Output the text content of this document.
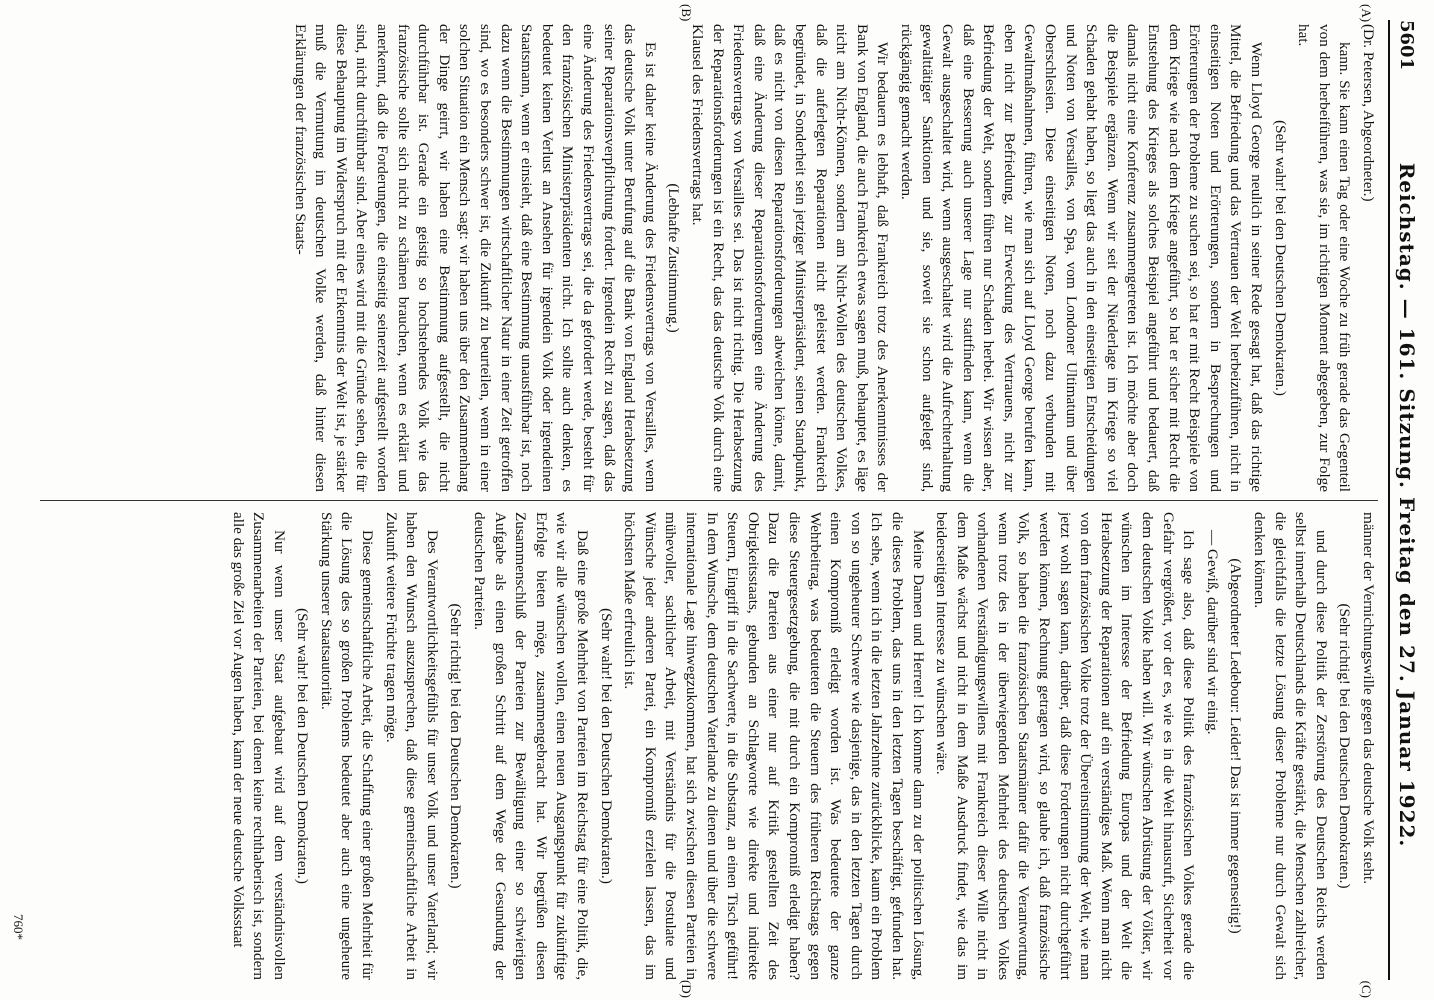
5601
Reichstag. — 161. Sitzung. Freitag den 27. Januar 1922.
(A)
(B)
(C)
(D)

(Dr. Petersen, Abgeordneter.)

kann. Sie kann einen Tag oder eine Woche zu früh gerade das Gegenteil von dem herbeiführen, was sie, im richtigen Moment abgegeben, zur Folge hat.

(Sehr wahr! bei den Deutschen Demokraten.)

Wenn Lloyd George neulich in seiner Rede gesagt hat, daß das richtige Mittel, die Befriedung und das Vertrauen der Welt herbeizuführen, nicht in einseitigen Noten und Erörterungen, sondern in Besprechungen und Erörterungen der Probleme zu suchen sei, so hat er mit Recht Beispiele von dem Kriege wie nach dem Kriege angeführt, so hat er sicher mit Recht die Entstehung des Krieges als solches Beispiel angeführt und bedauert, daß damals nicht eine Konferenz zusammengetreten ist. Ich möchte aber doch die Beispiele ergänzen. Wenn wir seit der Niederlage im Kriege so viel Schaden gehabt haben, so liegt das auch in den einseitigen Entscheidungen und Noten von Versailles, von Spa, vom Londoner Ultimatum und über Oberschlesien. Diese einseitigen Noten, noch dazu verbunden mit Gewaltmaßnahmen, führen, wie man sich auf Lloyd George berufen kann, eben nicht zur Befriedung, zur Erweckung des Vertrauens, nicht zur Befriedung der Welt, sondern führen nur Schaden herbei. Wir wissen aber, daß eine Besserung auch unserer Lage nur stattfinden kann, wenn die Gewalt ausgeschaltet wird, wenn ausgeschaltet wird die Aufrechterhaltung gewalttätiger Sanktionen und sie, soweit sie schon aufgelegt sind, rückgängig gemacht werden.

Wir bedauern es lebhaft, daß Frankreich trotz des Anerkenntnisses der Bank von England, die auch Frankreich etwas sagen muß, behauptet, es läge nicht am Nicht-Können, sondern am Nicht-Wollen des deutschen Volkes, daß die auferlegten Reparationen nicht geleistet werden. Frankreich begründet, in Sonderheit sein jetziger Ministerpräsident, seinen Standpunkt, daß es nicht von diesen Reparationsforderungen abweichen könne, damit, daß eine Änderung dieser Reparationsforderungen eine Änderung des Friedensvertrags von Versailles sei. Das ist nicht richtig. Die Herabsetzung der Reparationsforderungen ist ein Recht, das das deutsche Volk durch eine Klausel des Friedensvertrags hat.

(Lebhafte Zustimmung.)

Es ist daher keine Änderung des Friedensvertrags von Versailles, wenn das deutsche Volk unter Berufung auf die Bank von England Herabsetzung seiner Reparationsverpflichtung fordert. Irgendein Recht zu sagen, daß das eine Änderung des Friedensvertrags sei, die da gefordert werde, besteht für den französischen Ministerpräsidenten nicht. Ich sollte auch denken, es bedeutet keinen Verlust an Ansehen für irgendein Volk oder irgendeinen Staatsmann, wenn er einsieht, daß eine Bestimmung unausführbar ist, noch dazu wenn die Bestimmungen wirtschaftlicher Natur in einer Zeit getroffen sind, wo es besonders schwer ist, die Zukunft zu beurteilen, wenn in einer solchen Situation ein Mensch sagt: wir haben uns über den Zusammenhang der Dinge geirrt, wir haben eine Bestimmung aufgestellt, die nicht durchführbar ist. Gerade ein geistig so hochstehendes Volk wie das französische sollte sich nicht zu schämen brauchen, wenn es erklärt und anerkennt, daß die Forderungen, die einseitig seinerzeit aufgestellt worden sind, nicht durchführbar sind. Aber eines wird mit die Gründe sehen, die für diese Behauptung im Widerspruch mit der Erkenntnis der Welt ist, je stärker muß die Vermutung im deutschen Volke werden, daß hinter diesen Erklärungen der französischen Staats-

männer der Vernichtungswille gegen das deutsche Volk steht.

(Sehr richtig! bei den Deutschen Demokraten.)

und durch diese Politik der Zerstörung des Deutschen Reichs werden selbst innerhalb Deutschlands die Kräfte gestärkt, die Menschen zahlreicher, die gleichfalls die letzte Lösung dieser Probleme nur durch Gewalt sich denken können.

(Abgeordneter Ledebour: Leider! Das ist immer gegenseitig!)

— Gewiß, darüber sind wir einig.

Ich sage also, daß diese Politik des französischen Volkes gerade die Gefahr vergrößert, vor der es, wie es in die Welt hinausruft, Sicherheit vor dem deutschen Volke haben will. Wir wünschen Abrüstung der Völker, wir wünschen im Interesse der Befriedung Europas und der Welt die Herabsetzung der Reparationen auf ein verständiges Maß. Wenn man nicht von dem französischen Volke trotz der Übereinstimmung der Welt, wie man jetzt wohl sagen kann, darüber, daß diese Forderungen nicht durchgeführt werden können, Rechnung getragen wird, so glaube ich, daß französische Volk, so haben die französischen Staatsmänner dafür die Verantwortung, wenn trotz des in der überwiegenden Mehrheit des deutschen Volkes vorhandenen Verständigungswillens mit Frankreich dieser Wille nicht in dem Maße wächst und nicht in dem Maße Ausdruck findet, wie das im beiderseitigen Interesse zu wünschen wäre.

Meine Damen und Herren! Ich komme dann zu der politischen Lösung, die dieses Problem, das uns in den letzten Tagen beschäftigt, gefunden hat. Ich sehe, wenn ich in die letzten Jahrzehnte zurückblicke, kaum ein Problem von so ungeheurer Schwere wie dasjenige, das in den letzten Tagen durch einen Kompromiß erledigt worden ist. Was bedeutete der ganze Wehrbeitrag, was bedeuteten die Steuern des früheren Reichstags gegen diese Steuergesetzgebung, die mit durch ein Kompromiß erledigt haben? Dazu die Parteien aus einer nur auf Kritik gestellten Zeit des Obrigkeitsstaats, gebunden an Schlagworte wie direkte und indirekte Steuern, Eingriff in die Sachwerte, in die Substanz, an einen Tisch geführt! In dem Wunsche, dem deutschen Vaterlande zu dienen und über die schwere internationale Lage hinwegzukommen, hat sich zwischen diesen Parteien in mühevoller, sachlicher Arbeit, mit Verständnis für die Postulate und Wünsche jeder anderen Partei, ein Kompromiß erzielen lassen, das im höchsten Maße erfreulich ist.

(Sehr wahr! bei den Deutschen Demokraten.)

Daß eine große Mehrheit von Parteien im Reichstag für eine Politik, die, wie wir alle wünschen wollen, einen neuen Ausgangspunkt für zukünftige Erfolge bieten möge, zusammengebracht hat. Wir begrüßen diesen Zusammenschluß der Parteien zur Bewältigung einer so schwierigen Aufgabe als einen großen Schritt auf dem Wege der Gesundung der deutschen Parteien.

(Sehr richtig! bei den Deutschen Demokraten.)

Des Verantwortlichkeitsgefühls für unser Volk und unser Vaterland; wir haben den Wunsch auszusprechen, daß diese gemeinschaftliche Arbeit in Zukunft weitere Früchte tragen möge.

Diese gemeinschaftliche Arbeit, die Schaffung einer großen Mehrheit für die Lösung des so großen Problems bedeutet aber auch eine ungeheure Stärkung unserer Staatsautorität.

(Sehr wahr! bei den Deutschen Demokraten.)

Nur wenn unser Staat aufgebaut wird auf dem verständnisvollen Zusammenarbeiten der Parteien, bei denen keine rechthaberisch ist, sondern alle das große Ziel vor Augen haben, kann der neue deutsche Volksstaat

760*
